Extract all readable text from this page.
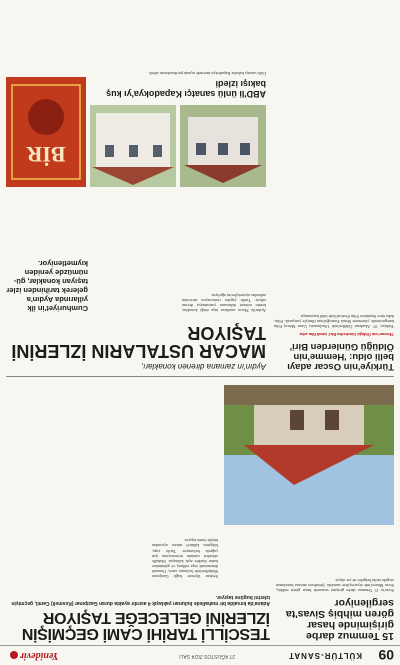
09
KÜLTÜR-SANAT
27 AĞUSTOS 2024 SALI
Yenidevir
15 Temmuz darbe girişiminde hasar gören mihbiş Sivas'ta sergileniyor
Sivas'ta 15 Temmuz darbe girişimi sırasında hasar gören mihbiş, Sivas Müzesi'nde ziyaretçilere sunuldu. Şehitlerin anısına hazırlanan sergide tarihi belgeler de yer alıyor.
TESCİLLİ TARİHİ CAMİ GEÇMİŞİN İZLERİNİ GELECEĞE TAŞIYOR
Adana'da kırsalda bir mahallede bulunan yaklaşık 4 asırdır ayakta duran Gazipınar (Kesmeli) Camii, geçmişin izlerini bugüne taşıyor.
Seyhan ilçesine bağlı Gazipınar Mahallesi'nde bulunan cami, Osmanlı döneminde inşa edilmiş ve günümüze kadar ibadete açık kalmıştır. Mahalle sakinleri caminin restorasyonu için çağrıda bulunuyor. Tarihi yapı, bölgenin kültürel mirası açısından büyük önem taşıyor.
Türkiye'nin Oscar adayı belli oldu: 'Hemme'nin Öldüğü Günlerden Biri'
'Hemme'nin Öldüğü Günlerden Biri' isimli film aday
Türkiye, 97. Akademi Ödülleri'nde Uluslararası Uzun Metraj Film kategorisinde, yönetmen Murat Fıratoğlu'nun filmiyle yarışacak. Film, daha önce Sundance Film Festivali'nde ödül kazanmıştı.
Aydın'ın zamana direnen konakları,
MACAR USTALARIN İZLERİNİ TAŞIYOR
Aydın'da Macar ustaların inşa ettiği konaklar, kentin mimari dokusunu yansıtmaya devam ediyor. Tarihi yapılar restorasyon sürecinin ardından ziyaretçilerini ağırlıyor.
Cumhuriyet'in ilk yıllarında Aydın'a gelerek tarihinden izler taşıyan konaklar, gü-nümüzde yeniden kıymetleniyor.
BİR
ABD'li ünlü sanatçı Kapadokya'yı kuş bakışı izledi
Ünlü sanatçı balonla Kapadokya üzerinde uçarak peribacalarını izledi.
